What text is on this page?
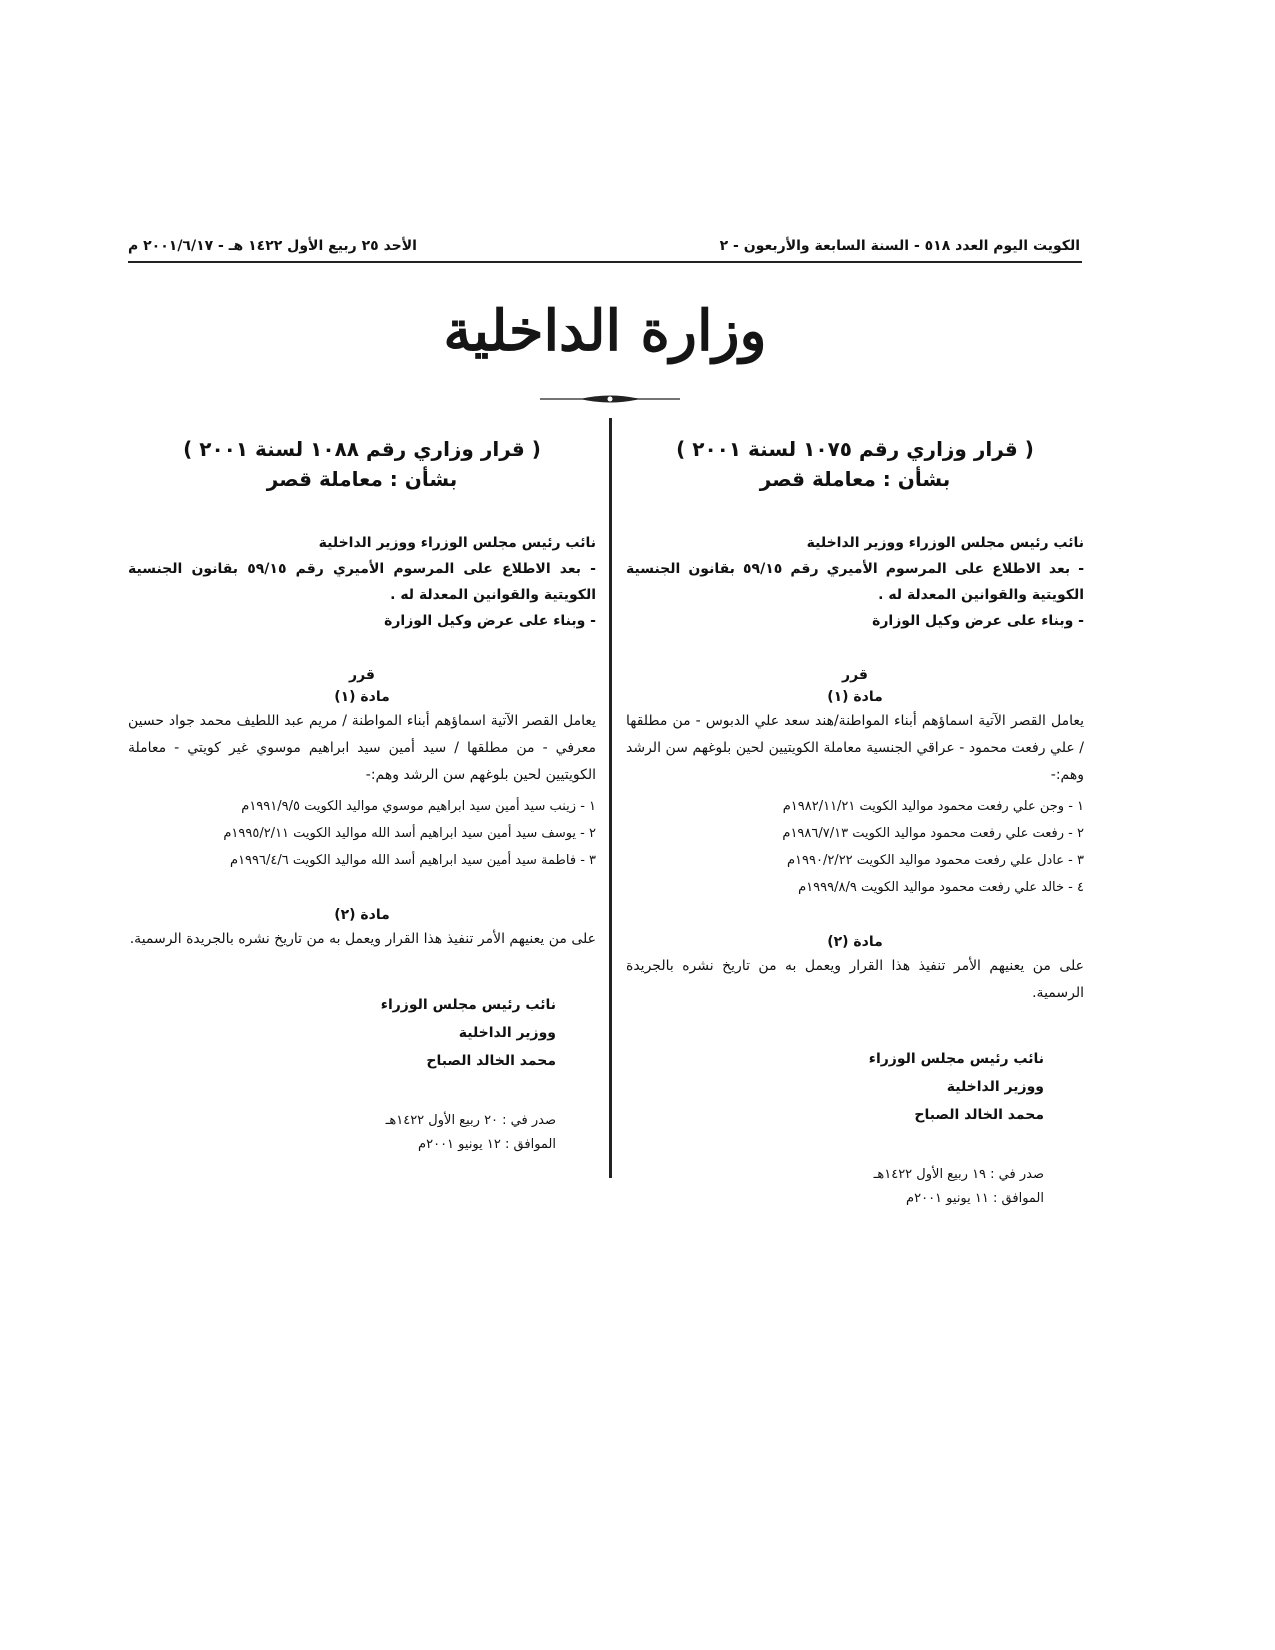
الكويت اليوم العدد ٥١٨ - السنة السابعة والأربعون - ٢
الأحد ٢٥ ربيع الأول ١٤٢٢ هـ - ٢٠٠١/٦/١٧ م
وزارة الداخلية
( قرار وزاري رقم ١٠٧٥ لسنة ٢٠٠١ )
بشأن : معاملة قصر
نائب رئيس مجلس الوزراء ووزير الداخلية
- بعد الاطلاع على المرسوم الأميري رقم ٥٩/١٥ بقانون الجنسية الكويتية والقوانين المعدلة له .
- وبناء على عرض وكيل الوزارة
قرر
مادة (١)
يعامل القصر الآتية اسماؤهم أبناء المواطنة/هند سعد علي الدبوس - من مطلقها / علي رفعت محمود - عراقي الجنسية معاملة الكويتيين لحين بلوغهم سن الرشد وهم:-
١ - وجن علي رفعت محمود مواليد الكويت ١٩٨٢/١١/٢١م
٢ - رفعت علي رفعت محمود مواليد الكويت ١٩٨٦/٧/١٣م
٣ - عادل علي رفعت محمود مواليد الكويت ١٩٩٠/٢/٢٢م
٤ - خالد علي رفعت محمود مواليد الكويت ١٩٩٩/٨/٩م
مادة (٢)
على من يعنيهم الأمر تنفيذ هذا القرار ويعمل به من تاريخ نشره بالجريدة الرسمية.
نائب رئيس مجلس الوزراء
ووزير الداخلية
محمد الخالد الصباح
صدر في : ١٩ ربيع الأول ١٤٢٢هـ
الموافق : ١١ يونيو ٢٠٠١م
( قرار وزاري رقم ١٠٨٨ لسنة ٢٠٠١ )
بشأن : معاملة قصر
نائب رئيس مجلس الوزراء ووزير الداخلية
- بعد الاطلاع على المرسوم الأميري رقم ٥٩/١٥ بقانون الجنسية الكويتية والقوانين المعدلة له .
- وبناء على عرض وكيل الوزارة
قرر
مادة (١)
يعامل القصر الآتية اسماؤهم أبناء المواطنة / مريم عبد اللطيف محمد جواد حسين معرفي - من مطلقها / سيد أمين سيد ابراهيم موسوي غير كويتي - معاملة الكويتيين لحين بلوغهم سن الرشد وهم:-
١ - زينب سيد أمين سيد ابراهيم موسوي مواليد الكويت ١٩٩١/٩/٥م
٢ - يوسف سيد أمين سيد ابراهيم أسد الله مواليد الكويت ١٩٩٥/٢/١١م
٣ - فاطمة سيد أمين سيد ابراهيم أسد الله مواليد الكويت ١٩٩٦/٤/٦م
مادة (٢)
على من يعنيهم الأمر تنفيذ هذا القرار ويعمل به من تاريخ نشره بالجريدة الرسمية.
نائب رئيس مجلس الوزراء
ووزير الداخلية
محمد الخالد الصباح
صدر في : ٢٠ ربيع الأول ١٤٢٢هـ
الموافق : ١٢ يونيو ٢٠٠١م
